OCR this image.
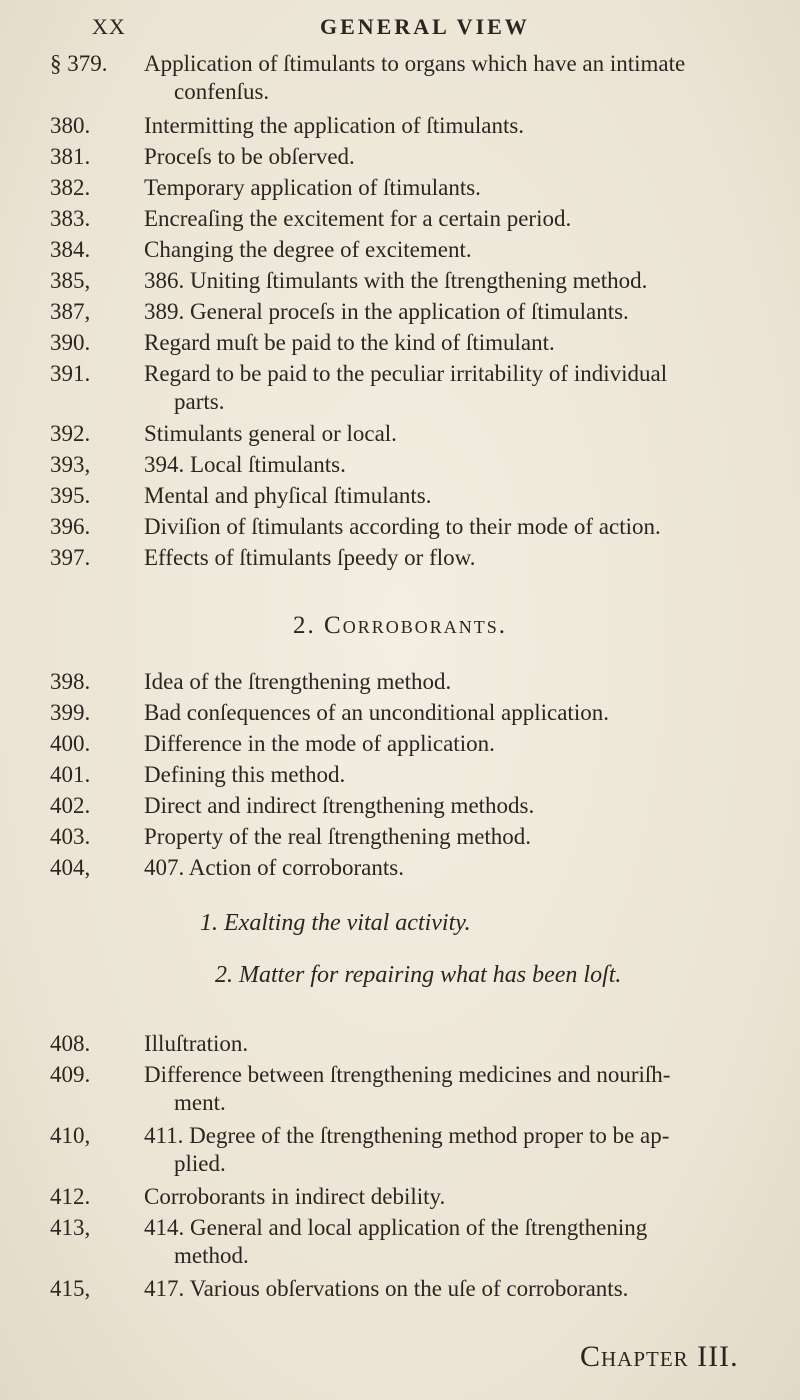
XX	GENERAL VIEW
§ 379.	Application of ſtimulants to organs which have an intimate
confenſus.
380.	Intermitting the application of ſtimulants.
381.	Proceſs to be obſerved.
382.	Temporary application of ſtimulants.
383.	Encreaſing the excitement for a certain period.
384.	Changing the degree of excitement.
385,	386. Uniting ſtimulants with the ſtrengthening method.
387,	389. General proceſs in the application of ſtimulants.
390.	Regard muſt be paid to the kind of ſtimulant.
391.	Regard to be paid to the peculiar irritability of individual
parts.
392.	Stimulants general or local.
393,	394. Local ſtimulants.
395.	Mental and phyſical ſtimulants.
396.	Diviſion of ſtimulants according to their mode of action.
397.	Effects of ſtimulants ſpeedy or flow.
2. Corroborants.
398.	Idea of the ſtrengthening method.
399.	Bad conſequences of an unconditional application.
400.	Difference in the mode of application.
401.	Defining this method.
402.	Direct and indirect ſtrengthening methods.
403.	Property of the real ſtrengthening method.
404,	407. Action of corroborants.
1. Exalting the vital activity.
2. Matter for repairing what has been loſt.
408.	Illuſtration.
409.	Difference between ſtrengthening medicines and nouriſh-
ment.
410,	411. Degree of the ſtrengthening method proper to be ap-
plied.
412.	Corroborants in indirect debility.
413,	414. General and local application of the ſtrengthening
method.
415,	417. Various obſervations on the uſe of corroborants.
Chapter III.
